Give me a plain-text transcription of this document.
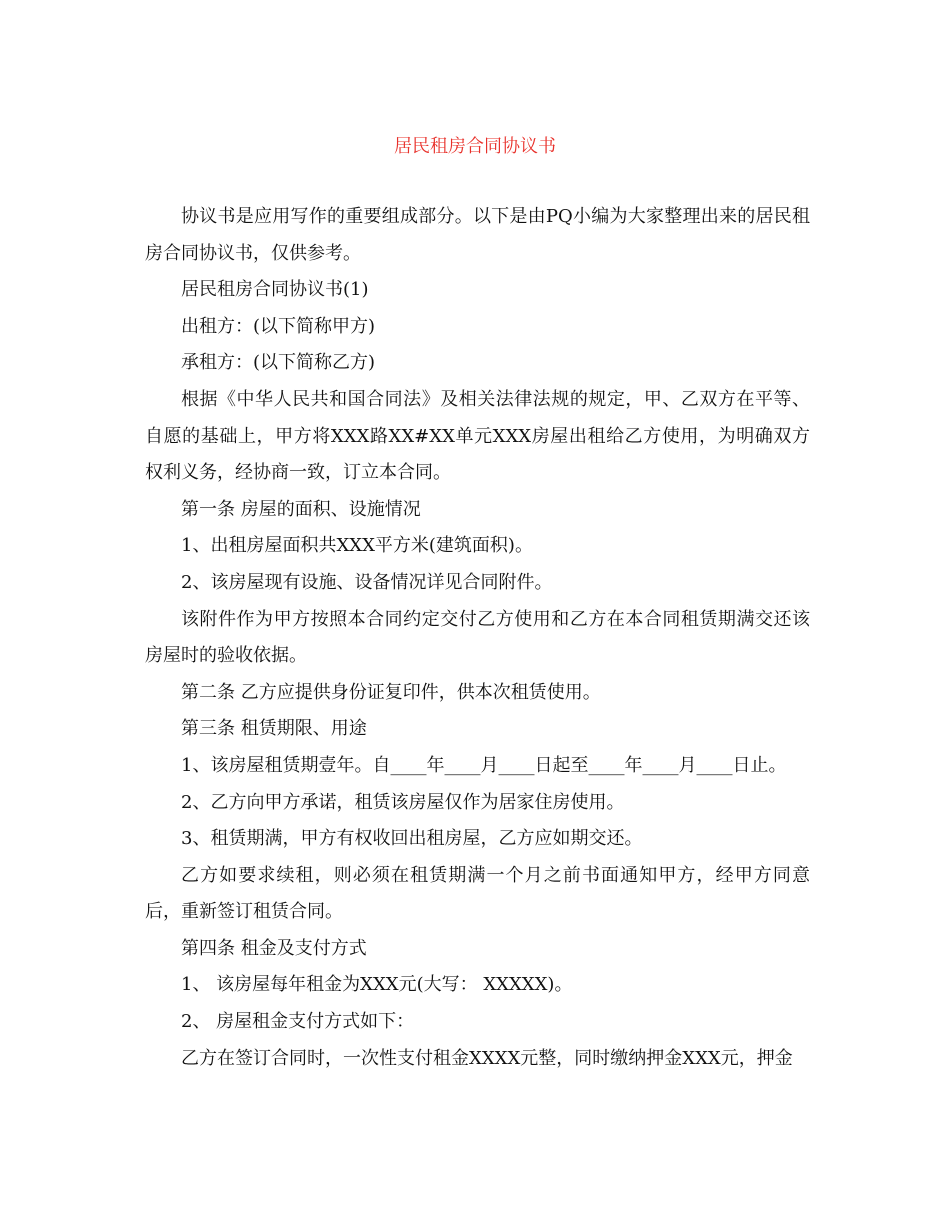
居民租房合同协议书

协议书是应用写作的重要组成部分。以下是由PQ小编为大家整理出来的居民租房合同协议书，仅供参考。

居民租房合同协议书(1)

出租方：(以下简称甲方)

承租方：(以下简称乙方)

根据《中华人民共和国合同法》及相关法律法规的规定，甲、乙双方在平等、自愿的基础上，甲方将XXX路XX#XX单元XXX房屋出租给乙方使用，为明确双方权利义务，经协商一致，订立本合同。

第一条 房屋的面积、设施情况

1、出租房屋面积共XXX平方米(建筑面积)。

2、该房屋现有设施、设备情况详见合同附件。

该附件作为甲方按照本合同约定交付乙方使用和乙方在本合同租赁期满交还该房屋时的验收依据。

第二条 乙方应提供身份证复印件，供本次租赁使用。

第三条 租赁期限、用途

1、该房屋租赁期壹年。自____年____月____日起至____年____月____日止。

2、乙方向甲方承诺，租赁该房屋仅作为居家住房使用。

3、租赁期满，甲方有权收回出租房屋，乙方应如期交还。

乙方如要求续租，则必须在租赁期满一个月之前书面通知甲方，经甲方同意后，重新签订租赁合同。

第四条 租金及支付方式

1、 该房屋每年租金为XXX元(大写： XXXXX)。

2、 房屋租金支付方式如下：

乙方在签订合同时，一次性支付租金XXXX元整，同时缴纳押金XXX元，押金
